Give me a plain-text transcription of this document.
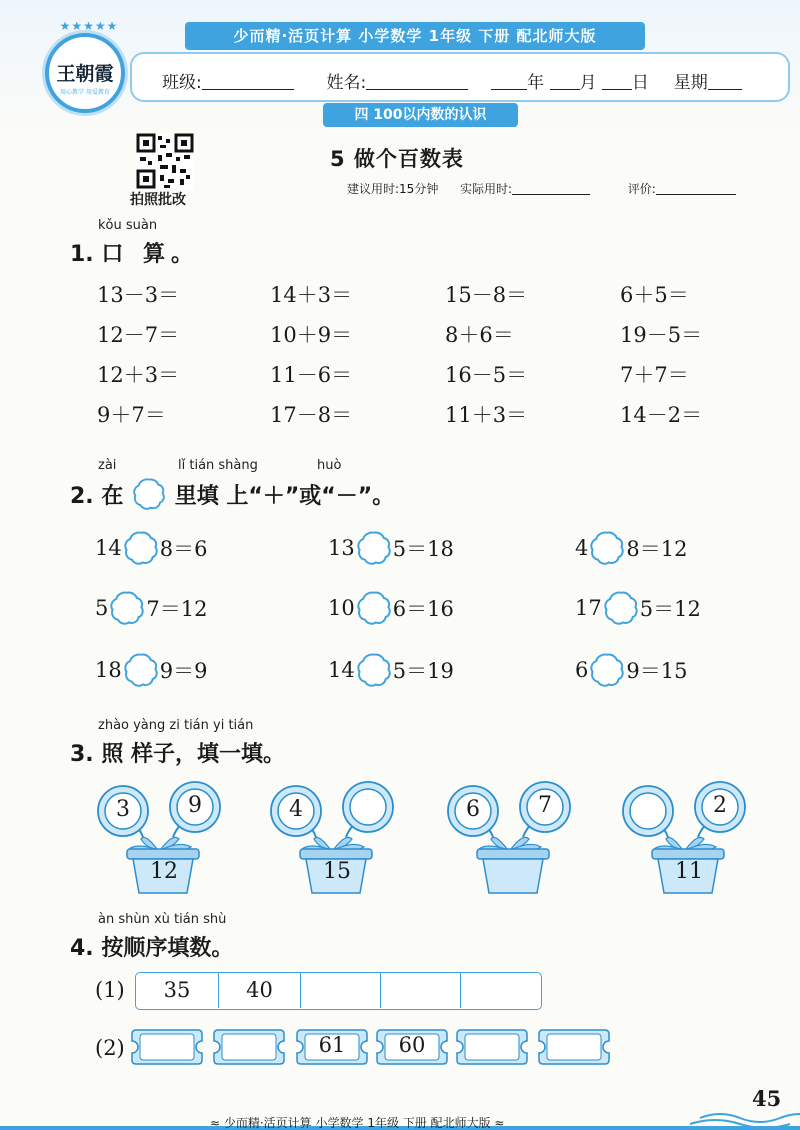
少而精·活页计算 小学数学 1年级 下册 配北师大版
★★★★★
王朝霞
用心教学 用爱教育	班级:	姓名:	年 月 日 星期
四 100以内数的认识
拍照批改
5 做个百数表
建议用时:15分钟 实际用时:	评价:
kǒu suàn
1. 口 算。
13－3＝	14＋3＝	15－8＝	6＋5＝
12－7＝	10＋9＝	8＋6＝	19－5＝
12＋3＝	11－6＝	16－5＝	7＋7＝
9＋7＝	17－8＝	11＋3＝	14－2＝
zài	lǐ tián shàng	huò
2. 在 里填 上“＋”或“－”。
14 8＝6	13 5＝18	4 8＝12
5 7＝12	10 6＝16	17 5＝12
18 9＝9	14 5＝19	6 9＝15
zhào yàng zi tián yi tián
3. 照 样子，填一填。
3	9
12
4
15
6	7	2
11
àn shùn xù tián shù
4. 按顺序填数。
(1)	35	40
(2)	61	60
≈ 少而精·活页计算 小学数学 1年级 下册 配北师大版 ≈
45
